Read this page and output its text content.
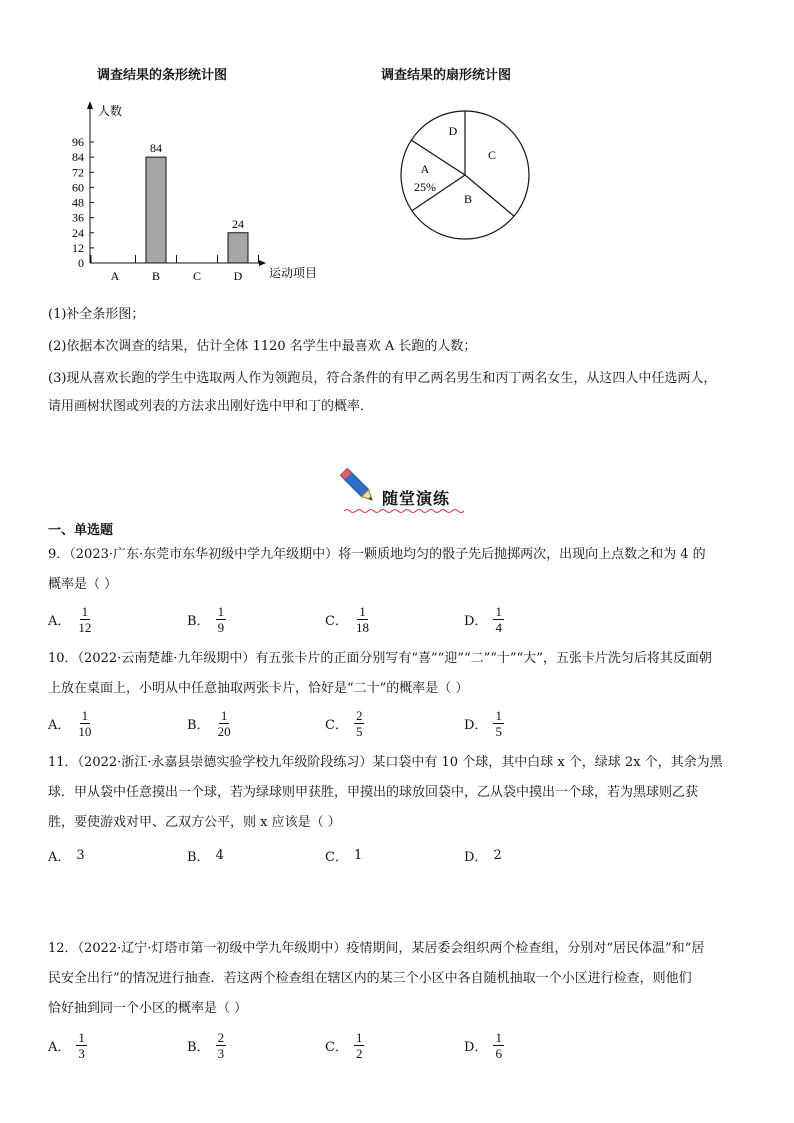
调查结果的条形统计图
0
12
24
36
48
60
72
84
96
人数
运动项目
A	B
84
C	D
24
调查结果的扇形统计图
A
25%
B
C
D
(1)补全条形图；
(2)依据本次调查的结果，估计全体 1120 名学生中最喜欢 A 长跑的人数；
(3)现从喜欢长跑的学生中选取两人作为领跑员，符合条件的有甲乙两名男生和丙丁两名女生，从这四人中任选两人，
请用画树状图或列表的方法求出刚好选中甲和丁的概率．
随堂演练
一、单选题
9．（2023·广东·东莞市东华初级中学九年级期中）将一颗质地均匀的骰子先后抛掷两次，出现向上点数之和为 4 的
概率是（ ）
A． $\frac{1}{12}$	B． $\frac{1}{9}$	C． $\frac{1}{18}$	D． $\frac{1}{4}$
10．（2022·云南楚雄·九年级期中）有五张卡片的正面分别写有“喜”“迎”“二”“十”“大”，五张卡片洗匀后将其反面朝
上放在桌面上，小明从中任意抽取两张卡片，恰好是“二十”的概率是（ ）
A． $\frac{1}{10}$	B． $\frac{1}{20}$	C． $\frac{2}{5}$	D． $\frac{1}{5}$
11．（2022·浙江·永嘉县崇德实验学校九年级阶段练习）某口袋中有 10 个球，其中白球 x 个，绿球 2x 个，其余为黑
球．甲从袋中任意摸出一个球，若为绿球则甲获胜，甲摸出的球放回袋中，乙从袋中摸出一个球，若为黑球则乙获
胜，要使游戏对甲、乙双方公平，则 x 应该是（ ）
A． 3	B． 4	C． 1	D． 2
12．（2022·辽宁·灯塔市第一初级中学九年级期中）疫情期间，某居委会组织两个检查组，分别对“居民体温”和“居
民安全出行”的情况进行抽查．若这两个检查组在辖区内的某三个小区中各自随机抽取一个小区进行检查，则他们
恰好抽到同一个小区的概率是（ ）
A． $\frac{1}{3}$	B． $\frac{2}{3}$	C． $\frac{1}{2}$	D． $\frac{1}{6}$
